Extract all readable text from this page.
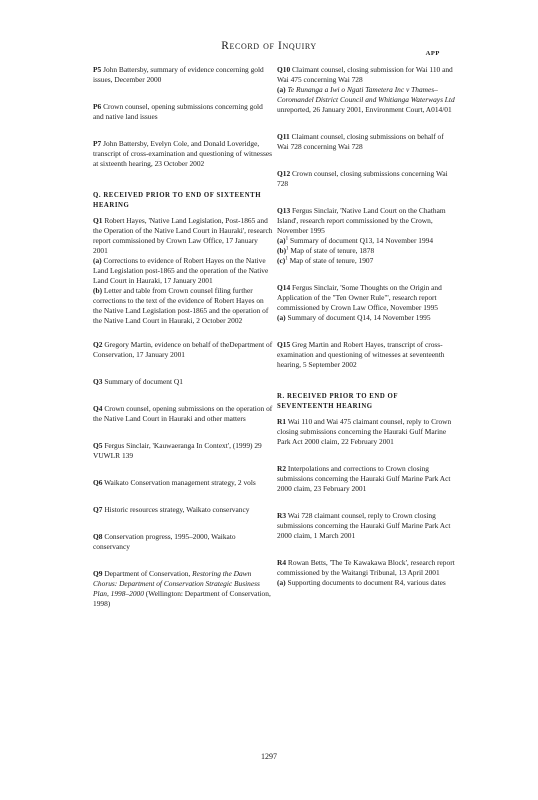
Record of Inquiry
APP

P5 John Battersby, summary of evidence concerning gold issues, December 2000

P6 Crown counsel, opening submissions concerning gold and native land issues

P7 John Battersby, Evelyn Cole, and Donald Loveridge, transcript of cross-examination and questioning of witnesses at sixteenth hearing, 23 October 2002

Q. RECEIVED PRIOR TO END OF SIXTEENTH HEARING

Q1 Robert Hayes, 'Native Land Legislation, Post-1865 and the Operation of the Native Land Court in Hauraki', research report commissioned by Crown Law Office, 17 January 2001

(a) Corrections to evidence of Robert Hayes on the Native Land Legislation post-1865 and the operation of the Native Land Court in Hauraki, 17 January 2001

(b) Letter and table from Crown counsel filing further corrections to the text of the evidence of Robert Hayes on the Native Land Legislation post-1865 and the operation of the Native Land Court in Hauraki, 2 October 2002

Q2 Gregory Martin, evidence on behalf of theDepartment of Conservation, 17 January 2001

Q3 Summary of document Q1

Q4 Crown counsel, opening submissions on the operation of the Native Land Court in Hauraki and other matters

Q5 Fergus Sinclair, 'Kauwaeranga In Context', (1999) 29 VUWLR 139

Q6 Waikato Conservation management strategy, 2 vols

Q7 Historic resources strategy, Waikato conservancy

Q8 Conservation progress, 1995–2000, Waikato conservancy

Q9 Department of Conservation, Restoring the Dawn Chorus: Department of Conservation Strategic Business Plan, 1998–2000 (Wellington: Department of Conservation, 1998)

Q10 Claimant counsel, closing submission for Wai 110 and Wai 475 concerning Wai 728

(a) Te Runanga a Iwi o Ngati Tametera Inc v Thames–Coromandel District Council and Whitianga Waterways Ltd unreported, 26 January 2001, Environment Court, A014/01

Q11 Claimant counsel, closing submissions on behalf of Wai 728 concerning Wai 728

Q12 Crown counsel, closing submissions concerning Wai 728

Q13 Fergus Sinclair, 'Native Land Court on the Chatham Island', research report commissioned by the Crown, November 1995

$(a)^1$ Summary of document Q13, 14 November 1994

$(b)^1$ Map of state of tenure, 1878

$(c)^1$ Map of state of tenure, 1907

Q14 Fergus Sinclair, 'Some Thoughts on the Origin and Application of the "Ten Owner Rule"', research report commissioned by Crown Law Office, November 1995

(a) Summary of document Q14, 14 November 1995

Q15 Greg Martin and Robert Hayes, transcript of cross-examination and questioning of witnesses at seventeenth hearing, 5 September 2002

R. RECEIVED PRIOR TO END OF SEVENTEENTH HEARING

R1 Wai 110 and Wai 475 claimant counsel, reply to Crown closing submissions concerning the Hauraki Gulf Marine Park Act 2000 claim, 22 February 2001

R2 Interpolations and corrections to Crown closing submissions concerning the Hauraki Gulf Marine Park Act 2000 claim, 23 February 2001

R3 Wai 728 claimant counsel, reply to Crown closing submissions concerning the Hauraki Gulf Marine Park Act 2000 claim, 1 March 2001

R4 Rowan Betts, 'The Te Kawakawa Block', research report commissioned by the Waitangi Tribunal, 13 April 2001

(a) Supporting documents to document R4, various dates

1297
